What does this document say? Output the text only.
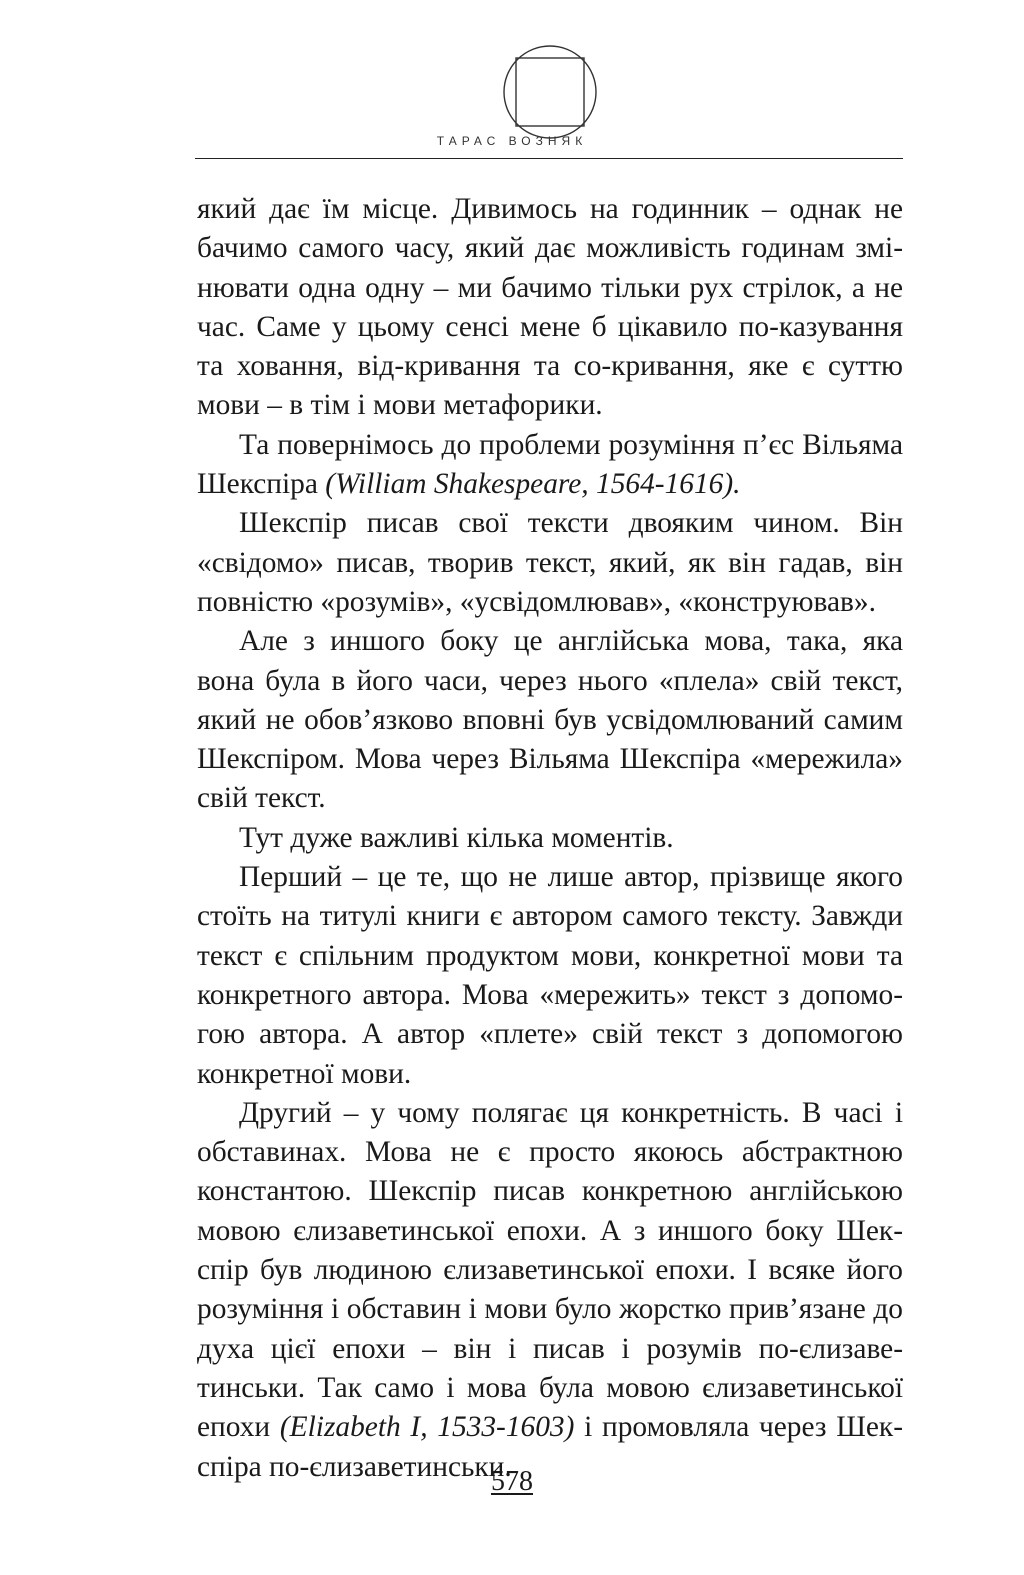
ТАРАС ВОЗНЯК

який дає їм місце. Дивимось на годинник – однак не бачимо самого часу, який дає можливість годинам змінювати одна одну – ми бачимо тільки рух стрілок, а не час. Саме у цьому сенсі мене б цікавило по-казування та ховання, від-кривання та со-кривання, яке є суттю мови – в тім і мови метафорики.

Та повернімось до проблеми розуміння п’єс Вільяма Шекспіра (William Shakespeare, 1564-1616).

Шекспір писав свої тексти двояким чином. Він «свідомо» писав, творив текст, який, як він гадав, він повністю «розумів», «усвідомлював», «конструював».

Але з иншого боку це англійська мова, така, яка вона була в його часи, через нього «плела» свій текст, який не обов’язково вповні був усвідомлюваний самим Шекспіром. Мова через Вільяма Шекспіра «мережила» свій текст.

Тут дуже важливі кілька моментів.

Перший – це те, що не лише автор, прізвище якого стоїть на титулі книги є автором самого тексту. Завжди текст є спільним продуктом мови, конкретної мови та конкретного автора. Мова «мережить» текст з допомогою автора. А автор «плете» свій текст з допомогою конкретної мови.

Другий – у чому полягає ця конкретність. В часі і обставинах. Мова не є просто якоюсь абстрактною константою. Шекспір писав конкретною англійською мовою єлизаветинської епохи. А з иншого боку Шекспір був людиною єлизаветинської епохи. І всяке його розуміння і обставин і мови було жорстко прив’язане до духа цієї епохи – він і писав і розумів по-єлизаветинськи. Так само і мова була мовою єлизаветинської епохи (Elizabeth I, 1533-1603) і промовляла через Шекспіра по-єлизаветинськи.

578
